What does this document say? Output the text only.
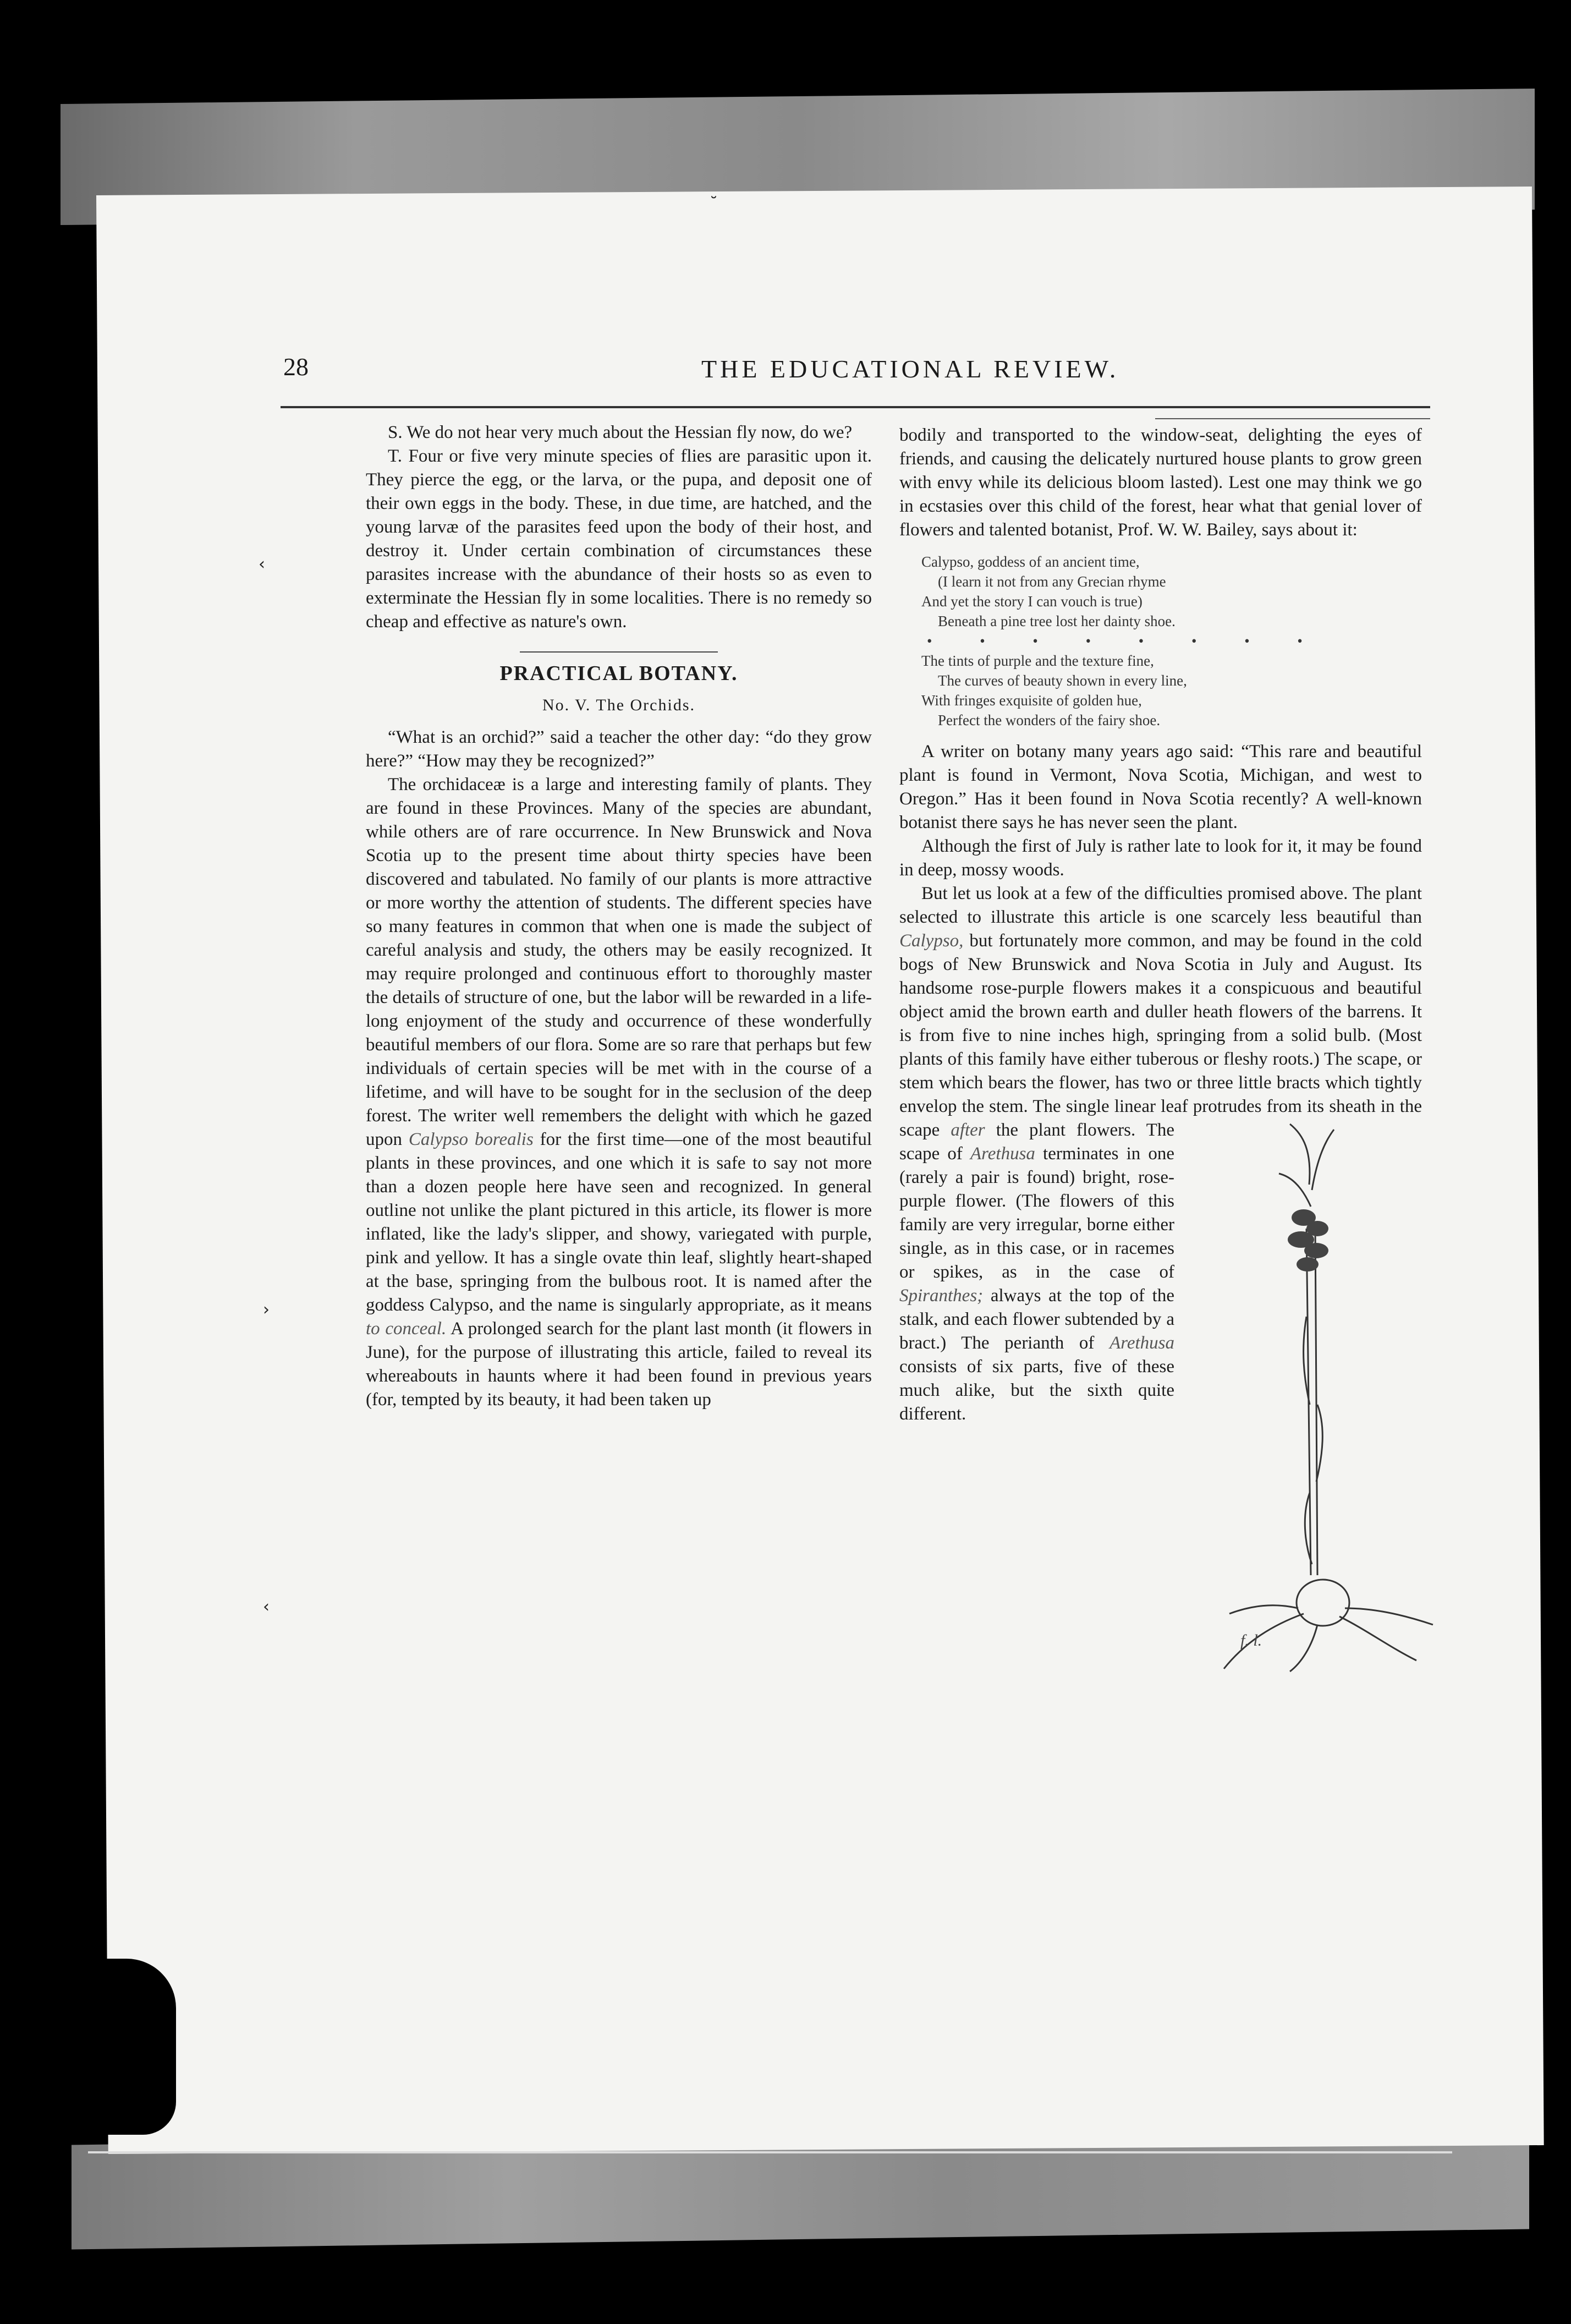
‹
›
‹
˘
28	THE EDUCATIONAL REVIEW.

S. We do not hear very much about the Hessian fly now, do we?

T. Four or five very minute species of flies are parasitic upon it. They pierce the egg, or the larva, or the pupa, and deposit one of their own eggs in the body. These, in due time, are hatched, and the young larvæ of the parasites feed upon the body of their host, and destroy it. Under certain combination of circumstances these parasites increase with the abundance of their hosts so as even to exterminate the Hessian fly in some localities. There is no remedy so cheap and effective as nature's own.

PRACTICAL BOTANY.
No. V. The Orchids.

“What is an orchid?” said a teacher the other day: “do they grow here?” “How may they be recognized?”

The orchidaceæ is a large and interesting family of plants. They are found in these Provinces. Many of the species are abundant, while others are of rare occurrence. In New Brunswick and Nova Scotia up to the present time about thirty species have been discovered and tabulated. No family of our plants is more attractive or more worthy the attention of students. The different species have so many features in common that when one is made the subject of careful analysis and study, the others may be easily recognized. It may require prolonged and continuous effort to thoroughly master the details of structure of one, but the labor will be rewarded in a life-long enjoyment of the study and occurrence of these wonderfully beautiful members of our flora. Some are so rare that perhaps but few individuals of certain species will be met with in the course of a lifetime, and will have to be sought for in the seclusion of the deep forest. The writer well remembers the delight with which he gazed upon Calypso borealis for the first time—one of the most beautiful plants in these provinces, and one which it is safe to say not more than a dozen people here have seen and recognized. In general outline not unlike the plant pictured in this article, its flower is more inflated, like the lady's slipper, and showy, variegated with purple, pink and yellow. It has a single ovate thin leaf, slightly heart-shaped at the base, springing from the bulbous root. It is named after the goddess Calypso, and the name is singularly appropriate, as it means to conceal. A prolonged search for the plant last month (it flowers in June), for the purpose of illustrating this article, failed to reveal its whereabouts in haunts where it had been found in previous years (for, tempted by its beauty, it had been taken up

bodily and transported to the window-seat, delighting the eyes of friends, and causing the delicately nurtured house plants to grow green with envy while its delicious bloom lasted). Lest one may think we go in ecstasies over this child of the forest, hear what that genial lover of flowers and talented botanist, Prof. W. W. Bailey, says about it:

Calypso, goddess of an ancient time,
(I learn it not from any Grecian rhyme
And yet the story I can vouch is true)
Beneath a pine tree lost her dainty shoe.
• • • • • • • •
The tints of purple and the texture fine,
The curves of beauty shown in every line,
With fringes exquisite of golden hue,
Perfect the wonders of the fairy shoe.

A writer on botany many years ago said: “This rare and beautiful plant is found in Vermont, Nova Scotia, Michigan, and west to Oregon.” Has it been found in Nova Scotia recently? A well-known botanist there says he has never seen the plant.

Although the first of July is rather late to look for it, it may be found in deep, mossy woods.

But let us look at a few of the difficulties promised above. The plant selected to illustrate this article is one scarcely less beautiful than Calypso, but fortunately more common, and may be found in the cold bogs of New Brunswick and Nova Scotia in July and August. Its handsome rose-purple flowers makes it a conspicuous and beautiful object amid the brown earth and duller heath flowers of the barrens. It is from five to nine inches high, springing from a solid bulb. (Most plants of this family have either tuberous or fleshy roots.) The scape, or stem which bears the flower, has two or three little bracts which tightly envelop the stem. The single linear leaf protrudes from its sheath in the scape
f. l.
after the plant flowers. The scape of Arethusa terminates in one (rarely a pair is found) bright, rose-purple flower. (The flowers of this family are very irregular, borne either single, as in this case, or in racemes or spikes, as in the case of Spiranthes; always at the top of the stalk, and each flower subtended by a bract.) The perianth of Arethusa consists of six parts, five of these much alike, but the sixth quite different.
